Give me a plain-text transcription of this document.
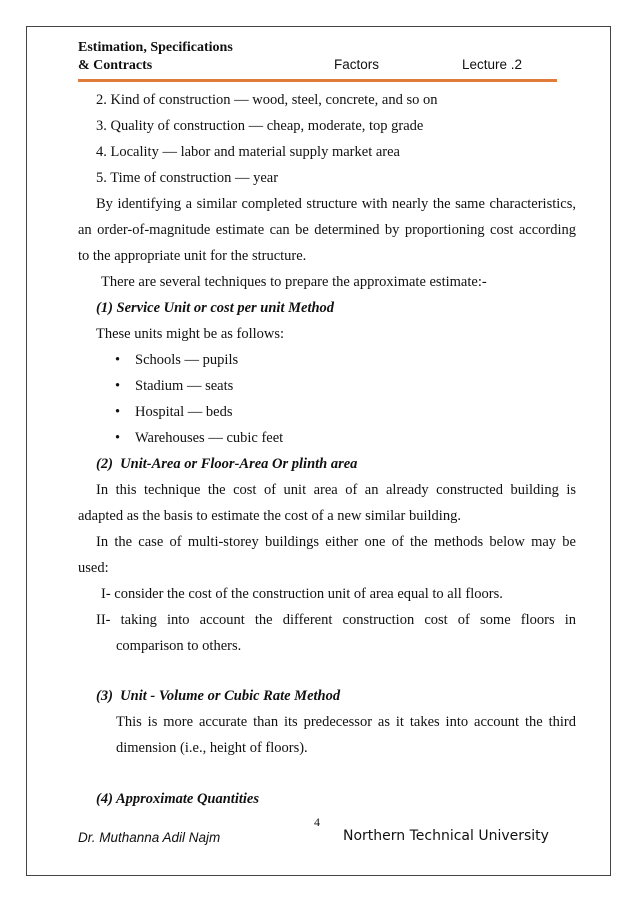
Estimation, Specifications
& Contracts	Factors	Lecture .2
2. Kind of construction — wood, steel, concrete, and so on
3. Quality of construction — cheap, moderate, top grade
4. Locality — labor and material supply market area
5. Time of construction — year
By identifying a similar completed structure with nearly the same characteristics,
an order-of-magnitude estimate can be determined by proportioning cost according
to the appropriate unit for the structure.
There are several techniques to prepare the approximate estimate:-
(1) Service Unit or cost per unit Method
These units might be as follows:
• Schools — pupils
• Stadium — seats
• Hospital — beds
• Warehouses — cubic feet
(2)  Unit-Area or Floor-Area Or plinth area
In this technique the cost of unit area of an already constructed building is
adapted as the basis to estimate the cost of a new similar building.
In the case of multi-storey buildings either one of the methods below may be
used:
I- consider the cost of the construction unit of area equal to all floors.
II- taking into account the different construction cost of some floors in
comparison to others.
(3)  Unit - Volume or Cubic Rate Method
This is more accurate than its predecessor as it takes into account the third
dimension (i.e., height of floors).
(4) Approximate Quantities
4
Dr. Muthanna Adil Najm	Northern Technical University
